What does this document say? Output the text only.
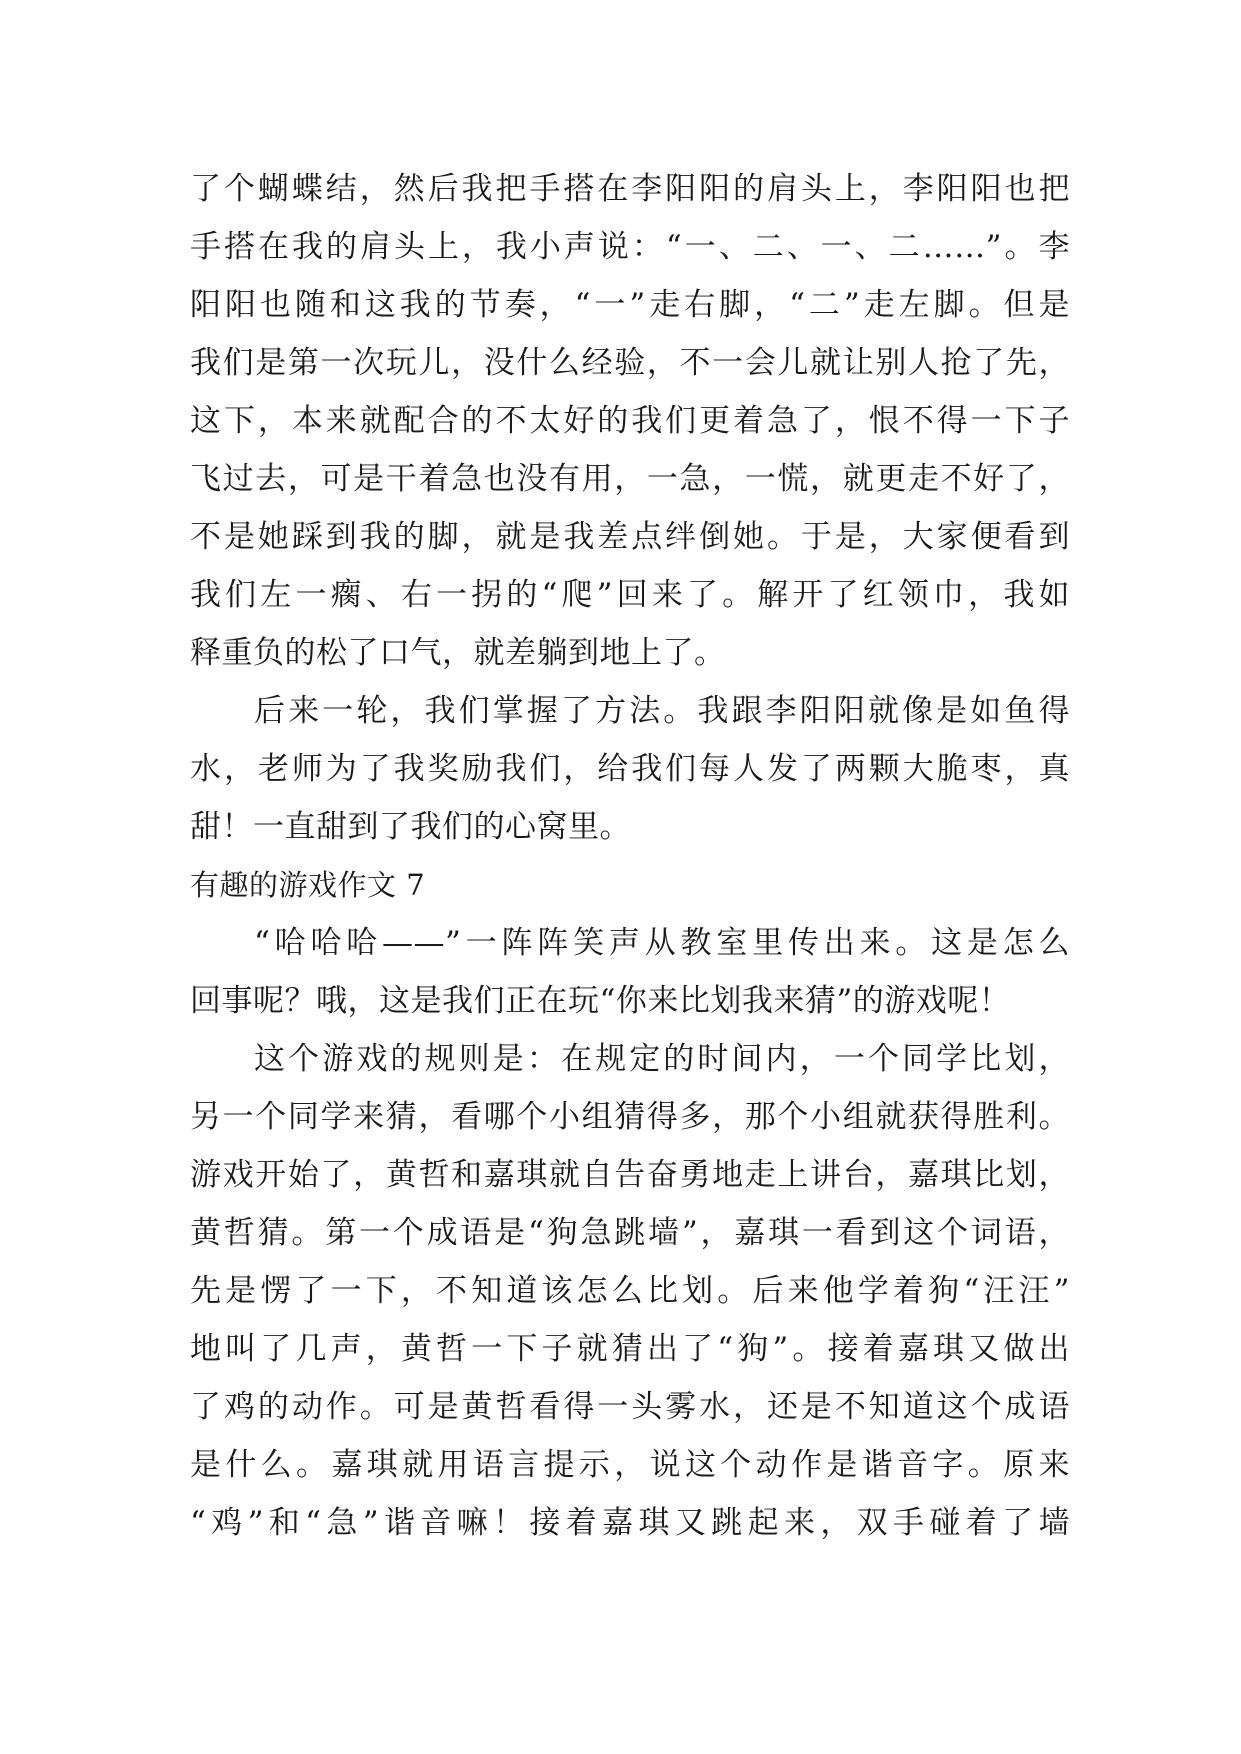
了个蝴蝶结，然后我把手搭在李阳阳的肩头上，李阳阳也把
手搭在我的肩头上，我小声说：“一、二、一、二……”。李
阳阳也随和这我的节奏，“一”走右脚，“二”走左脚。但是
我们是第一次玩儿，没什么经验，不一会儿就让别人抢了先，
这下，本来就配合的不太好的我们更着急了，恨不得一下子
飞过去，可是干着急也没有用，一急，一慌，就更走不好了，
不是她踩到我的脚，就是我差点绊倒她。于是，大家便看到
我们左一瘸、右一拐的“爬”回来了。解开了红领巾，我如
释重负的松了口气，就差躺到地上了。
后来一轮，我们掌握了方法。我跟李阳阳就像是如鱼得
水，老师为了我奖励我们，给我们每人发了两颗大脆枣，真
甜！一直甜到了我们的心窝里。
有趣的游戏作文 7
“哈哈哈——”一阵阵笑声从教室里传出来。这是怎么
回事呢？哦，这是我们正在玩“你来比划我来猜”的游戏呢！
这个游戏的规则是：在规定的时间内，一个同学比划，
另一个同学来猜，看哪个小组猜得多，那个小组就获得胜利。
游戏开始了，黄哲和嘉琪就自告奋勇地走上讲台，嘉琪比划，
黄哲猜。第一个成语是“狗急跳墙”，嘉琪一看到这个词语，
先是愣了一下，不知道该怎么比划。后来他学着狗“汪汪”
地叫了几声，黄哲一下子就猜出了“狗”。接着嘉琪又做出
了鸡的动作。可是黄哲看得一头雾水，还是不知道这个成语
是什么。嘉琪就用语言提示，说这个动作是谐音字。原来
“鸡”和“急”谐音嘛！接着嘉琪又跳起来，双手碰着了墙
